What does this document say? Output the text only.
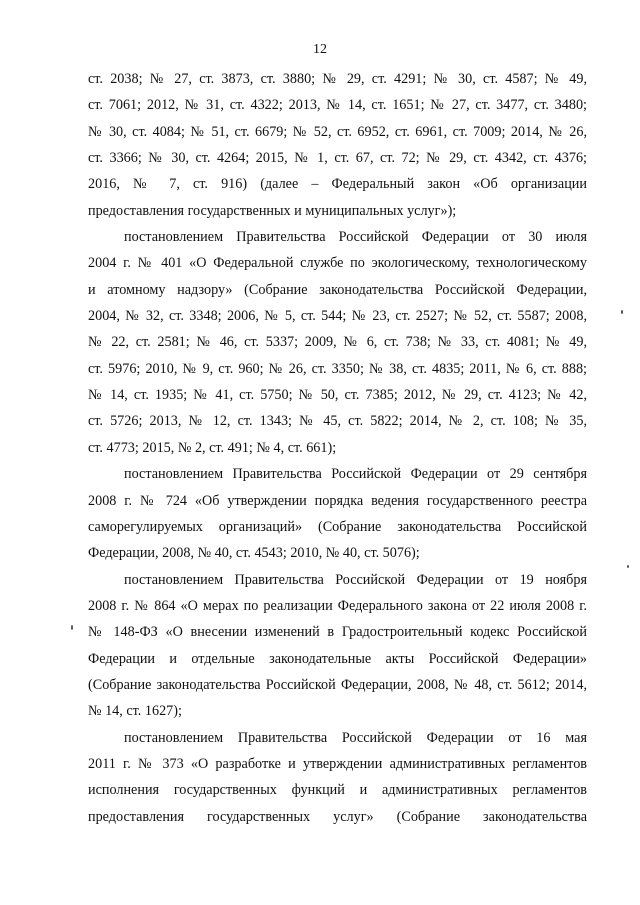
12
ст. 2038; № 27, ст. 3873, ст. 3880; № 29, ст. 4291; № 30, ст. 4587; № 49,
ст. 7061; 2012, № 31, ст. 4322; 2013, № 14, ст. 1651; № 27, ст. 3477, ст. 3480;
№ 30, ст. 4084; № 51, ст. 6679; № 52, ст. 6952, ст. 6961, ст. 7009; 2014, № 26,
ст. 3366; № 30, ст. 4264; 2015, № 1, ст. 67, ст. 72; № 29, ст. 4342, ст. 4376;
2016, № 7, ст. 916) (далее – Федеральный закон «Об организации
предоставления государственных и муниципальных услуг»);
постановлением Правительства Российской Федерации от 30 июля
2004 г. № 401 «О Федеральной службе по экологическому, технологическому
и атомному надзору» (Собрание законодательства Российской Федерации,
2004, № 32, ст. 3348; 2006, № 5, ст. 544; № 23, ст. 2527; № 52, ст. 5587; 2008,
№ 22, ст. 2581; № 46, ст. 5337; 2009, № 6, ст. 738; № 33, ст. 4081; № 49,
ст. 5976; 2010, № 9, ст. 960; № 26, ст. 3350; № 38, ст. 4835; 2011, № 6, ст. 888;
№ 14, ст. 1935; № 41, ст. 5750; № 50, ст. 7385; 2012, № 29, ст. 4123; № 42,
ст. 5726; 2013, № 12, ст. 1343; № 45, ст. 5822; 2014, № 2, ст. 108; № 35,
ст. 4773; 2015, № 2, ст. 491; № 4, ст. 661);
постановлением Правительства Российской Федерации от 29 сентября
2008 г. № 724 «Об утверждении порядка ведения государственного реестра
саморегулируемых организаций» (Собрание законодательства Российской
Федерации, 2008, № 40, ст. 4543; 2010, № 40, ст. 5076);
постановлением Правительства Российской Федерации от 19 ноября
2008 г. № 864 «О мерах по реализации Федерального закона от 22 июля 2008 г.
№ 148-ФЗ «О внесении изменений в Градостроительный кодекс Российской
Федерации и отдельные законодательные акты Российской Федерации»
(Собрание законодательства Российской Федерации, 2008, № 48, ст. 5612; 2014,
№ 14, ст. 1627);
постановлением Правительства Российской Федерации от 16 мая
2011 г. № 373 «О разработке и утверждении административных регламентов
исполнения государственных функций и административных регламентов
предоставления государственных услуг» (Собрание законодательства
